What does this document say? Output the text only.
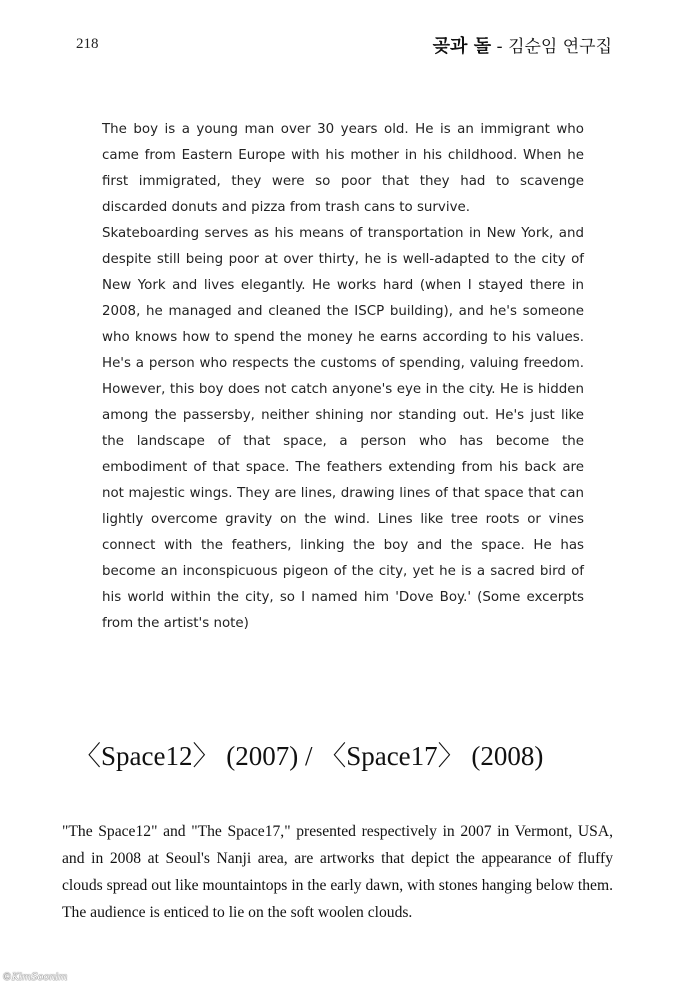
218	곶과 돌 - 김순임 연구집

The boy is a young man over 30 years old. He is an immigrant who came from Eastern Europe with his mother in his childhood. When he first immigrated, they were so poor that they had to scavenge discarded donuts and pizza from trash cans to survive.

Skateboarding serves as his means of transportation in New York, and despite still being poor at over thirty, he is well-adapted to the city of New York and lives elegantly. He works hard (when I stayed there in 2008, he managed and cleaned the ISCP building), and he's someone who knows how to spend the money he earns according to his values. He's a person who respects the customs of spending, valuing freedom. However, this boy does not catch anyone's eye in the city. He is hidden among the passersby, neither shining nor standing out. He's just like the landscape of that space, a person who has become the embodiment of that space. The feathers extending from his back are not majestic wings. They are lines, drawing lines of that space that can lightly overcome gravity on the wind. Lines like tree roots or vines connect with the feathers, linking the boy and the space. He has become an inconspicuous pigeon of the city, yet he is a sacred bird of his world within the city, so I named him 'Dove Boy.' (Some excerpts from the artist's note)

〈Space12〉 (2007) / 〈Space17〉 (2008)

"The Space12" and "The Space17," presented respectively in 2007 in Vermont, USA, and in 2008 at Seoul's Nanji area, are artworks that depict the appearance of fluffy clouds spread out like mountaintops in the early dawn, with stones hanging below them. The audience is enticed to lie on the soft woolen clouds.

©KimSoonim
